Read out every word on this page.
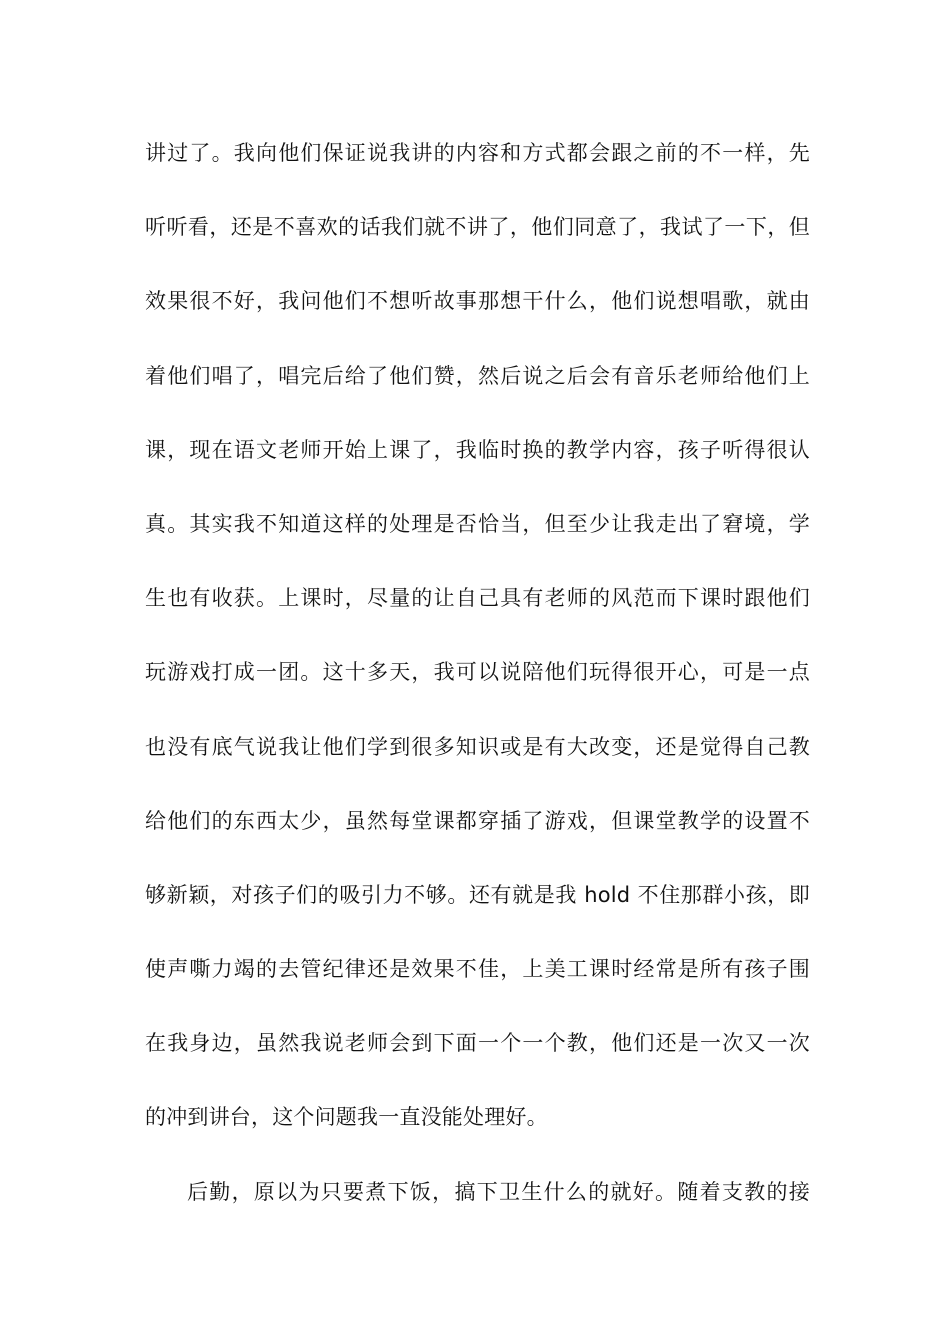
讲过了。我向他们保证说我讲的内容和方式都会跟之前的不一样，先
听听看，还是不喜欢的话我们就不讲了，他们同意了，我试了一下，但
效果很不好，我问他们不想听故事那想干什么，他们说想唱歌，就由
着他们唱了，唱完后给了他们赞，然后说之后会有音乐老师给他们上
课，现在语文老师开始上课了，我临时换的教学内容，孩子听得很认
真。其实我不知道这样的处理是否恰当，但至少让我走出了窘境，学
生也有收获。上课时，尽量的让自己具有老师的风范而下课时跟他们
玩游戏打成一团。这十多天，我可以说陪他们玩得很开心，可是一点
也没有底气说我让他们学到很多知识或是有大改变，还是觉得自己教
给他们的东西太少，虽然每堂课都穿插了游戏，但课堂教学的设置不
够新颖，对孩子们的吸引力不够。还有就是我 hold 不住那群小孩，即
使声嘶力竭的去管纪律还是效果不佳，上美工课时经常是所有孩子围
在我身边，虽然我说老师会到下面一个一个教，他们还是一次又一次
的冲到讲台，这个问题我一直没能处理好。
后勤，原以为只要煮下饭，搞下卫生什么的就好。随着支教的接
